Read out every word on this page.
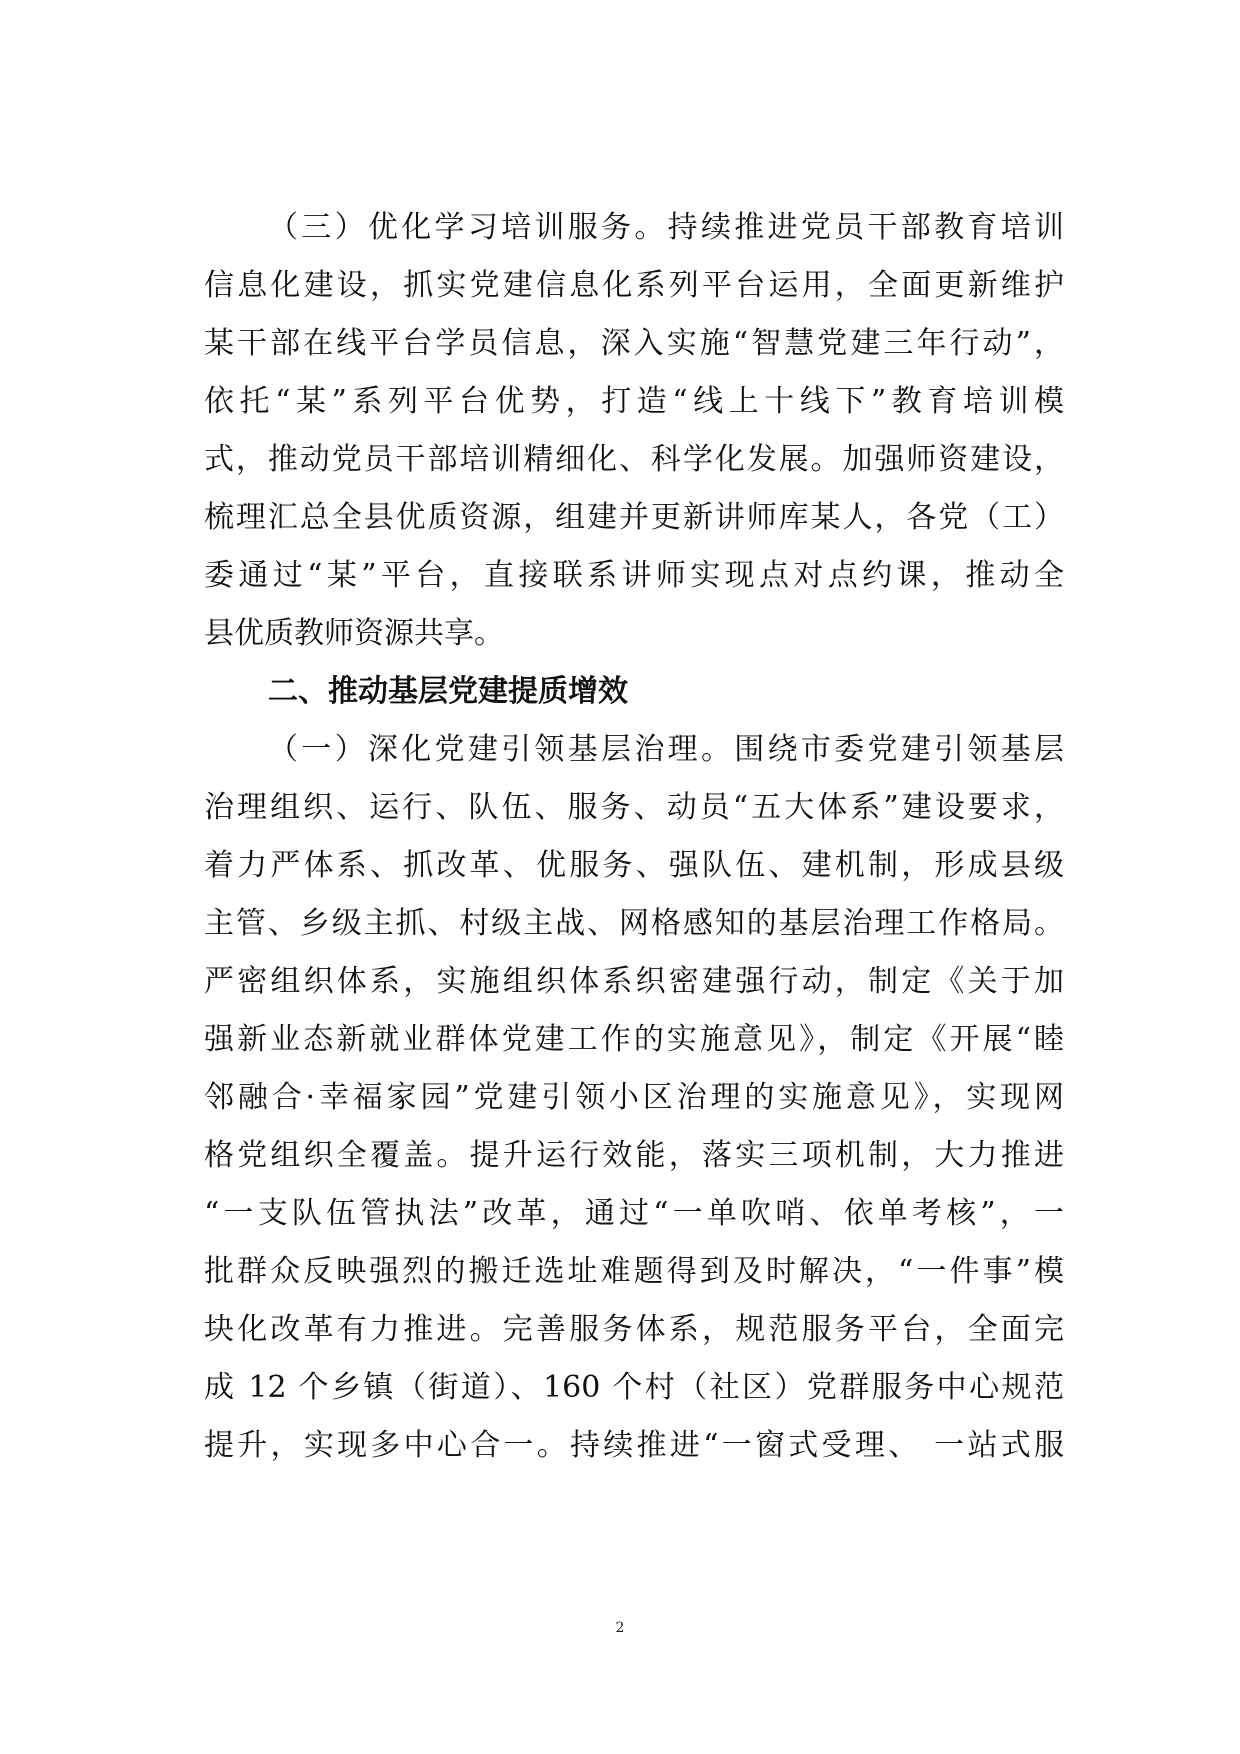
（三）优化学习培训服务。持续推进党员干部教育培训
信息化建设，抓实党建信息化系列平台运用，全面更新维护
某干部在线平台学员信息，深入实施“智慧党建三年行动”，
依托“某”系列平台优势，打造“线上十线下”教育培训模
式，推动党员干部培训精细化、科学化发展。加强师资建设，
梳理汇总全县优质资源，组建并更新讲师库某人，各党（工）
委通过“某”平台，直接联系讲师实现点对点约课，推动全
县优质教师资源共享。
二、推动基层党建提质增效
（一）深化党建引领基层治理。围绕市委党建引领基层
治理组织、运行、队伍、服务、动员“五大体系”建设要求，
着力严体系、抓改革、优服务、强队伍、建机制，形成县级
主管、乡级主抓、村级主战、网格感知的基层治理工作格局。
严密组织体系，实施组织体系织密建强行动，制定《关于加
强新业态新就业群体党建工作的实施意见》，制定《开展“睦
邻融合·幸福家园”党建引领小区治理的实施意见》，实现网
格党组织全覆盖。提升运行效能，落实三项机制，大力推进
“一支队伍管执法”改革，通过“一单吹哨、依单考核”，一
批群众反映强烈的搬迁选址难题得到及时解决，“一件事”模
块化改革有力推进。完善服务体系，规范服务平台，全面完
成 12 个乡镇（街道）、160 个村（社区）党群服务中心规范
提升，实现多中心合一。持续推进“一窗式受理、 一站式服
2
